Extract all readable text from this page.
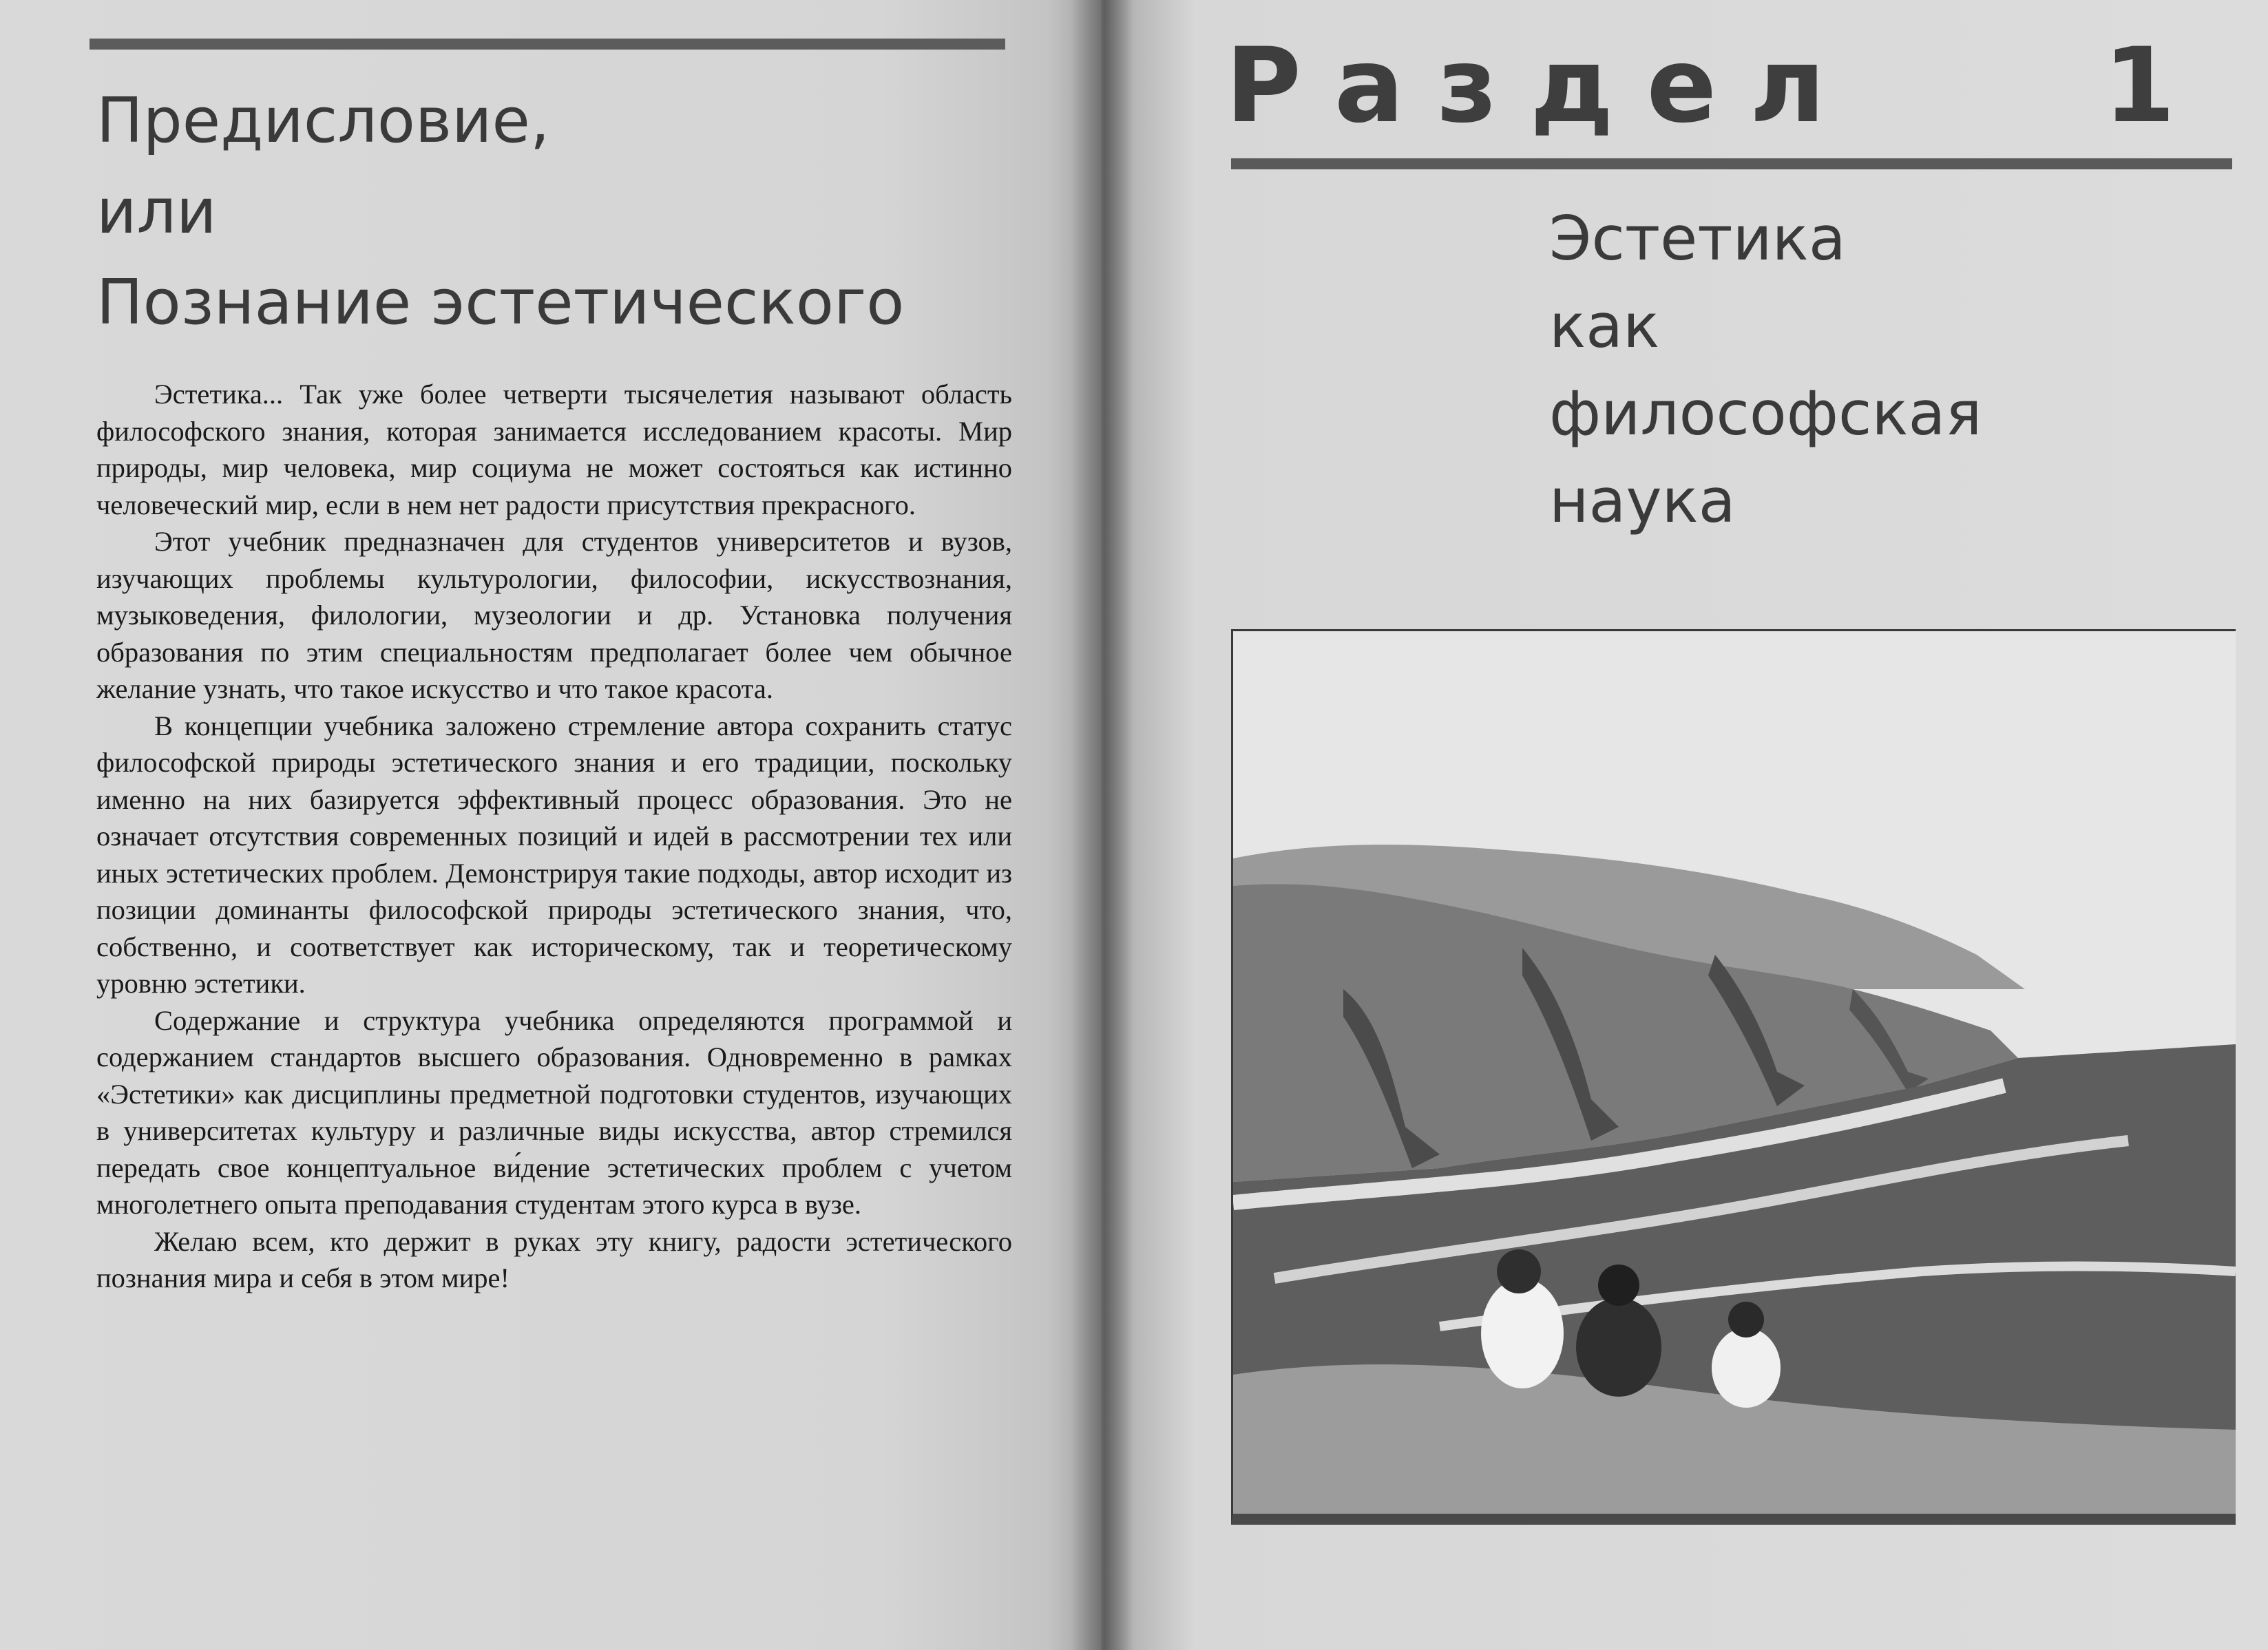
Предисловие,
или
Познание эстетического

Эстетика... Так уже более четверти тысячелетия называют область философского знания, которая занимается исследованием красоты. Мир природы, мир человека, мир социума не может состояться как истинно человеческий мир, если в нем нет радости присутствия прекрасного.

Этот учебник предназначен для студентов университетов и вузов, изучающих проблемы культурологии, философии, искусствознания, музыковедения, филологии, музеологии и др. Установка получения образования по этим специальностям предполагает более чем обычное желание узнать, что такое искусство и что такое красота.

В концепции учебника заложено стремление автора сохранить статус философской природы эстетического знания и его традиции, поскольку именно на них базируется эффективный процесс образования. Это не означает отсутствия современных позиций и идей в рассмотрении тех или иных эстетических проблем. Демонстрируя такие подходы, автор исходит из позиции доминанты философской природы эстетического знания, что, собственно, и соответствует как историческому, так и теоретическому уровню эстетики.

Содержание и структура учебника определяются программой и содержанием стандартов высшего образования. Одновременно в рамках «Эстетики» как дисциплины предметной подготовки студентов, изучающих в университетах культуру и различные виды искусства, автор стремился передать свое концептуальное ви́дение эстетических проблем с учетом многолетнего опыта преподавания студентам этого курса в вузе.

Желаю всем, кто держит в руках эту книгу, радости эстетического познания мира и себя в этом мире!

Раздел 1
Эстетика
как
философская
наука
